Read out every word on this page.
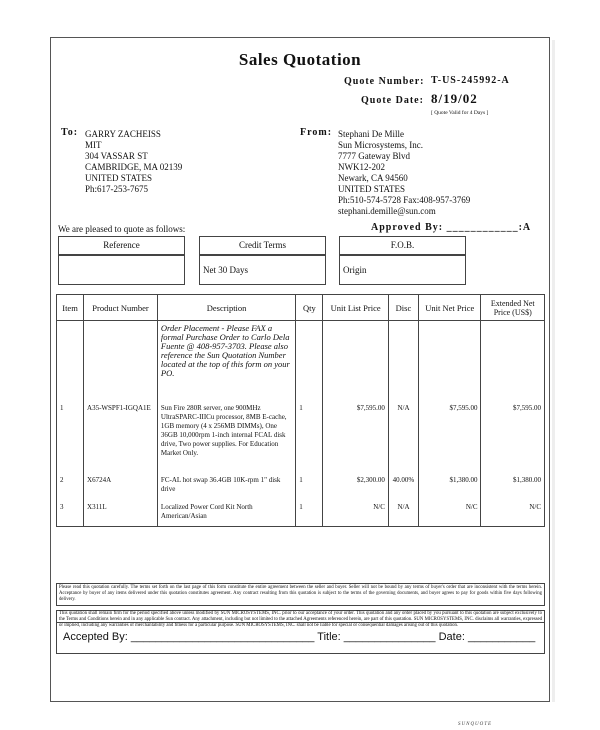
Sales Quotation
Quote Number: T-US-245992-A
Quote Date: 8/19/02
[ Quote Valid for 4 Days ]
To: GARRY ZACHEISS
MIT
304 VASSAR ST
CAMBRIDGE, MA 02139
UNITED STATES
Ph:617-253-7675
From: Stephani De Mille
Sun Microsystems, Inc.
7777 Gateway Blvd
NWK12-202
Newark, CA 94560
UNITED STATES
Ph:510-574-5728 Fax:408-957-3769
stephani.demille@sun.com
We are pleased to quote as follows:	Approved By: ____________:A
Reference	Credit Terms
Net 30 Days
F.O.B.
Origin
Item	Product Number	Description	Qty	Unit List Price	Disc	Unit Net Price	Extended Net Price (US$)
		Order Placement - Please FAX a formal Purchase Order to Carlo Dela Fuente @ 408-957-3703. Please also reference the Sun Quotation Number located at the top of this form on your PO.					
1	A35-WSPF1-IGQA1E	Sun Fire 280R server, one 900MHz UltraSPARC-IIICu processor, 8MB E-cache, 1GB memory (4 x 256MB DIMMs), One 36GB 10,000rpm 1-inch internal FCAL disk drive, Two power supplies. For Education Market Only.	1	$7,595.00	N/A	$7,595.00	$7,595.00
2	X6724A	FC-AL hot swap 36.4GB 10K-rpm 1" disk drive	1	$2,300.00	40.00%	$1,380.00	$1,380.00
3	X311L	Localized Power Cord Kit North American/Asian	1	N/C	N/A	N/C	N/C
Please read this quotation carefully. The terms set forth on the last page of this form constitute the entire agreement between the seller and buyer. Seller will not be bound by any terms of buyer's order that are inconsistent with the terms herein. Acceptance by buyer of any items delivered under this quotation constitutes agreement. Any contract resulting from this quotation is subject to the terms of the governing documents, and buyer agrees to pay for goods within five days following delivery.
This quotation shall remain firm for the period specified above unless modified by SUN MICROSYSTEMS, INC. prior to our acceptance of your order. This quotation and any order placed by you pursuant to this quotation are subject exclusively to the Terms and Conditions herein and in any applicable Sun contract. Any attachment, including but not limited to the attached Agreements referenced herein, are part of this quotation. SUN MICROSYSTEMS, INC. disclaims all warranties, expressed or implied, including any warranties of merchantability and fitness for a particular purpose. SUN MICROSYSTEMS, INC. shall not be liable for special or consequential damages arising out of this quotation.
Accepted By: ______________________________ Title: _______________ Date: ___________
SUNQUOTE
